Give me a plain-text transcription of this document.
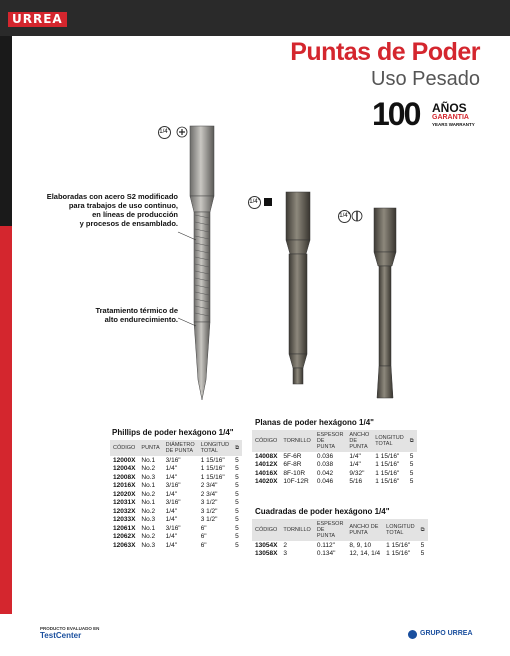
URREA
Puntas de Poder
Uso Pesado
100 AÑOS
GARANTIA
YEARS WARRANTY
1/4"
1/4"
1/4"
Elaboradas con acero S2 modificado
para trabajos de uso continuo,
en líneas de producción
y procesos de ensamblado.
Tratamiento térmico de
alto endurecimiento.
Phillips de poder hexágono 1/4"
CÓDIGO	PUNTA	DIÁMETRO DE PUNTA	LONGITUD TOTAL	⧉
12000X	No.1	3/16"	1 15/16"	5
12004X	No.2	1/4"	1 15/16"	5
12008X	No.3	1/4"	1 15/16"	5
12016X	No.1	3/16"	2 3/4"	5
12020X	No.2	1/4"	2 3/4"	5
12031X	No.1	3/16"	3 1/2"	5
12032X	No.2	1/4"	3 1/2"	5
12033X	No.3	1/4"	3 1/2"	5
12061X	No.1	3/16"	6"	5
12062X	No.2	1/4"	6"	5
12063X	No.3	1/4"	6"	5
Planas de poder hexágono 1/4"
CÓDIGO	TORNILLO	ESPESOR DE PUNTA	ANCHO DE PUNTA	LONGITUD TOTAL	⧉
14008X	5F-6R	0.036	1/4"	1 15/16"	5
14012X	6F-8R	0.038	1/4"	1 15/16"	5
14016X	8F-10R	0.042	9/32"	1 15/16"	5
14020X	10F-12R	0.046	5/16	1 15/16"	5
Cuadradas de poder hexágono 1/4"
CÓDIGO	TORNILLO	ESPESOR DE PUNTA	ANCHO DE PUNTA	LONGITUD TOTAL	⧉
13054X	2	0.112"	8, 9, 10	1 15/16"	5
13058X	3	0.134"	12, 14, 1/4	1 15/16"	5
PRODUCTO EVALUADO EN
TestCenter	GRUPO URREA
